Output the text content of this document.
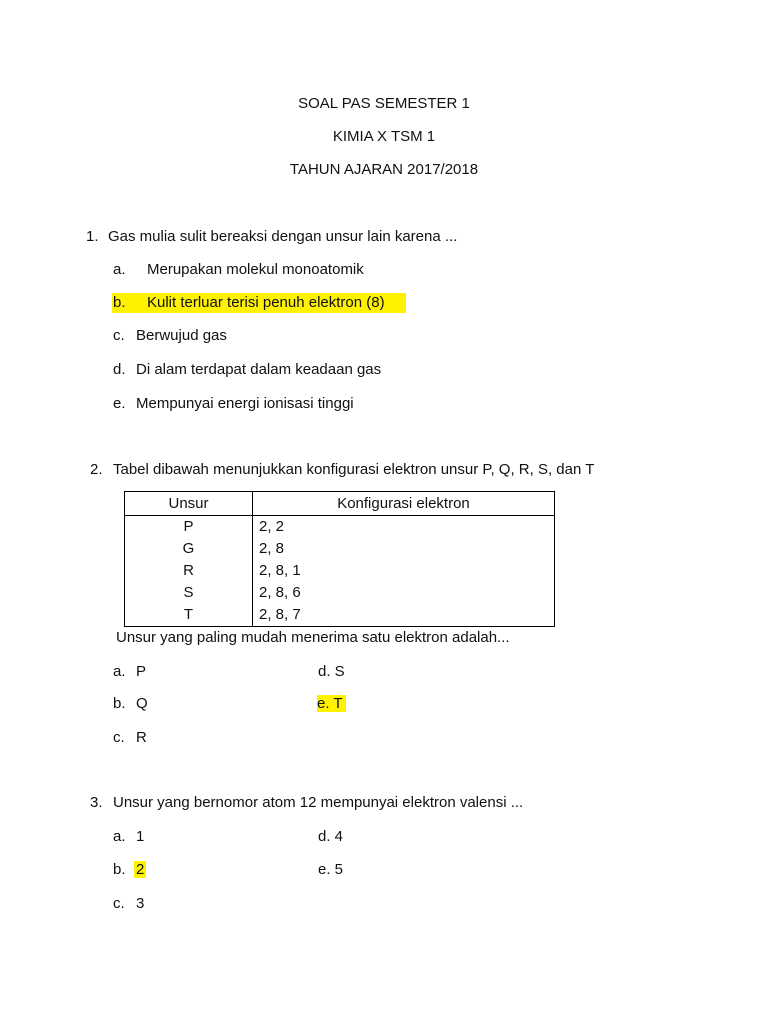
SOAL PAS SEMESTER 1
KIMIA X TSM 1
TAHUN AJARAN 2017/2018
1. Gas mulia sulit bereaksi dengan unsur lain karena ...
a. Merupakan molekul monoatomik
b. Kulit terluar terisi penuh elektron (8)
c. Berwujud gas
d. Di alam terdapat dalam keadaan gas
e. Mempunyai energi ionisasi tinggi
2. Tabel dibawah menunjukkan konfigurasi elektron unsur P, Q, R, S, dan T
Unsur	Konfigurasi elektron
P	2, 2
G	2, 8
R	2, 8, 1
S	2, 8, 6
T	2, 8, 7
Unsur yang paling mudah menerima satu elektron adalah...
a. P
b. Q
c. R
d. S
e. T
3. Unsur yang bernomor atom 12 mempunyai elektron valensi ...
a. 1
b. 2
c. 3
d. 4
e. 5
